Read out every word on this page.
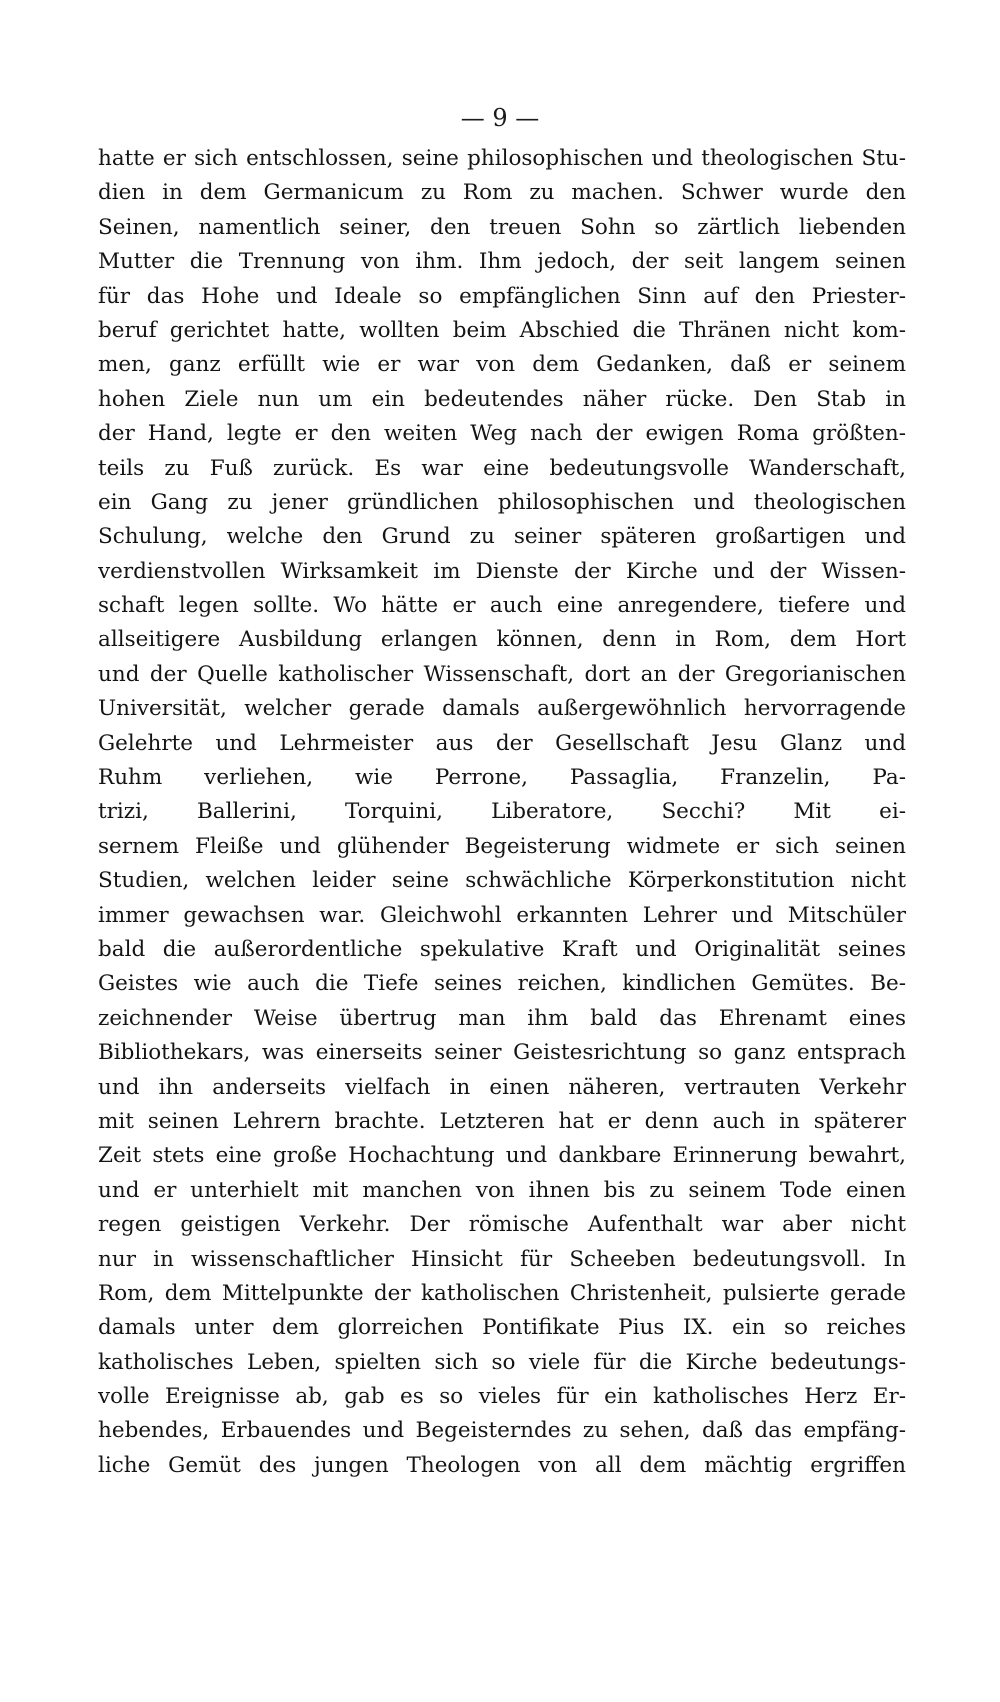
— 9 —
hatte er sich entschlossen, seine philosophischen und theologischen Stu-
dien in dem Germanicum zu Rom zu machen. Schwer wurde den
Seinen, namentlich seiner, den treuen Sohn so zärtlich liebenden
Mutter die Trennung von ihm. Ihm jedoch, der seit langem seinen
für das Hohe und Ideale so empfänglichen Sinn auf den Priester-
beruf gerichtet hatte, wollten beim Abschied die Thränen nicht kom-
men, ganz erfüllt wie er war von dem Gedanken, daß er seinem
hohen Ziele nun um ein bedeutendes näher rücke. Den Stab in
der Hand, legte er den weiten Weg nach der ewigen Roma größten-
teils zu Fuß zurück. Es war eine bedeutungsvolle Wanderschaft,
ein Gang zu jener gründlichen philosophischen und theologischen
Schulung, welche den Grund zu seiner späteren großartigen und
verdienstvollen Wirksamkeit im Dienste der Kirche und der Wissen-
schaft legen sollte. Wo hätte er auch eine anregendere, tiefere und
allseitigere Ausbildung erlangen können, denn in Rom, dem Hort
und der Quelle katholischer Wissenschaft, dort an der Gregorianischen
Universität, welcher gerade damals außergewöhnlich hervorragende
Gelehrte und Lehrmeister aus der Gesellschaft Jesu Glanz und
Ruhm verliehen, wie Perrone, Passaglia, Franzelin, Pa-
trizi, Ballerini, Torquini, Liberatore, Secchi? Mit ei-
sernem Fleiße und glühender Begeisterung widmete er sich seinen
Studien, welchen leider seine schwächliche Körperkonstitution nicht
immer gewachsen war. Gleichwohl erkannten Lehrer und Mitschüler
bald die außerordentliche spekulative Kraft und Originalität seines
Geistes wie auch die Tiefe seines reichen, kindlichen Gemütes. Be-
zeichnender Weise übertrug man ihm bald das Ehrenamt eines
Bibliothekars, was einerseits seiner Geistesrichtung so ganz entsprach
und ihn anderseits vielfach in einen näheren, vertrauten Verkehr
mit seinen Lehrern brachte. Letzteren hat er denn auch in späterer
Zeit stets eine große Hochachtung und dankbare Erinnerung bewahrt,
und er unterhielt mit manchen von ihnen bis zu seinem Tode einen
regen geistigen Verkehr. Der römische Aufenthalt war aber nicht
nur in wissenschaftlicher Hinsicht für Scheeben bedeutungsvoll. In
Rom, dem Mittelpunkte der katholischen Christenheit, pulsierte gerade
damals unter dem glorreichen Pontifikate Pius IX. ein so reiches
katholisches Leben, spielten sich so viele für die Kirche bedeutungs-
volle Ereignisse ab, gab es so vieles für ein katholisches Herz Er-
hebendes, Erbauendes und Begeisterndes zu sehen, daß das empfäng-
liche Gemüt des jungen Theologen von all dem mächtig ergriffen
